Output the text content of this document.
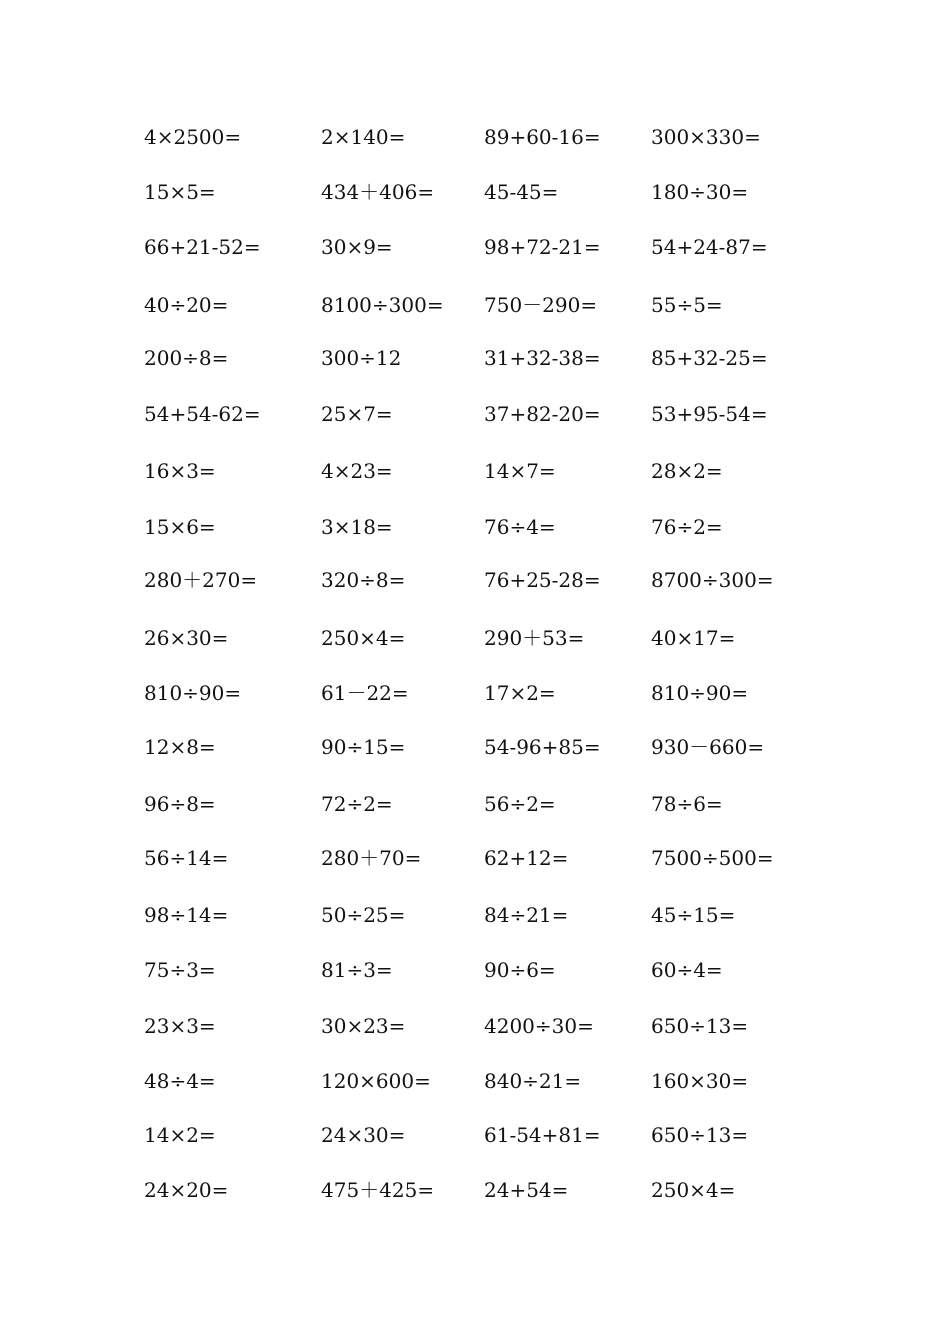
4×2500=	2×140=	89+60-16=	300×330=
15×5=	434＋406= 45-45=	180÷30=
66+21-52=	30×9=	98+72-21=	54+24-87=
40÷20=	8100÷300= 750－290=	55÷5=
200÷8=	300÷12	31+32-38=	85+32-25=
54+54-62=	25×7=	37+82-20=	53+95-54=
16×3=	4×23=	14×7=	28×2=
15×6=	3×18=	76÷4=	76÷2=
280＋270=	320÷8=	76+25-28=	8700÷300=
26×30=	250×4=	290＋53=	40×17=
810÷90=	61－22=	17×2=	810÷90=
12×8=	90÷15=	54-96+85=	930－660=
96÷8=	72÷2=	56÷2=	78÷6=
56÷14=	280＋70=	62+12=	7500÷500=
98÷14=	50÷25=	84÷21=	45÷15=
75÷3=	81÷3=	90÷6=	60÷4=
23×3=	30×23=	4200÷30=	650÷13=
48÷4=	120×600=	840÷21=	160×30=
14×2=	24×30=	61-54+81=	650÷13=
24×20=	475＋425= 24+54=	250×4=
